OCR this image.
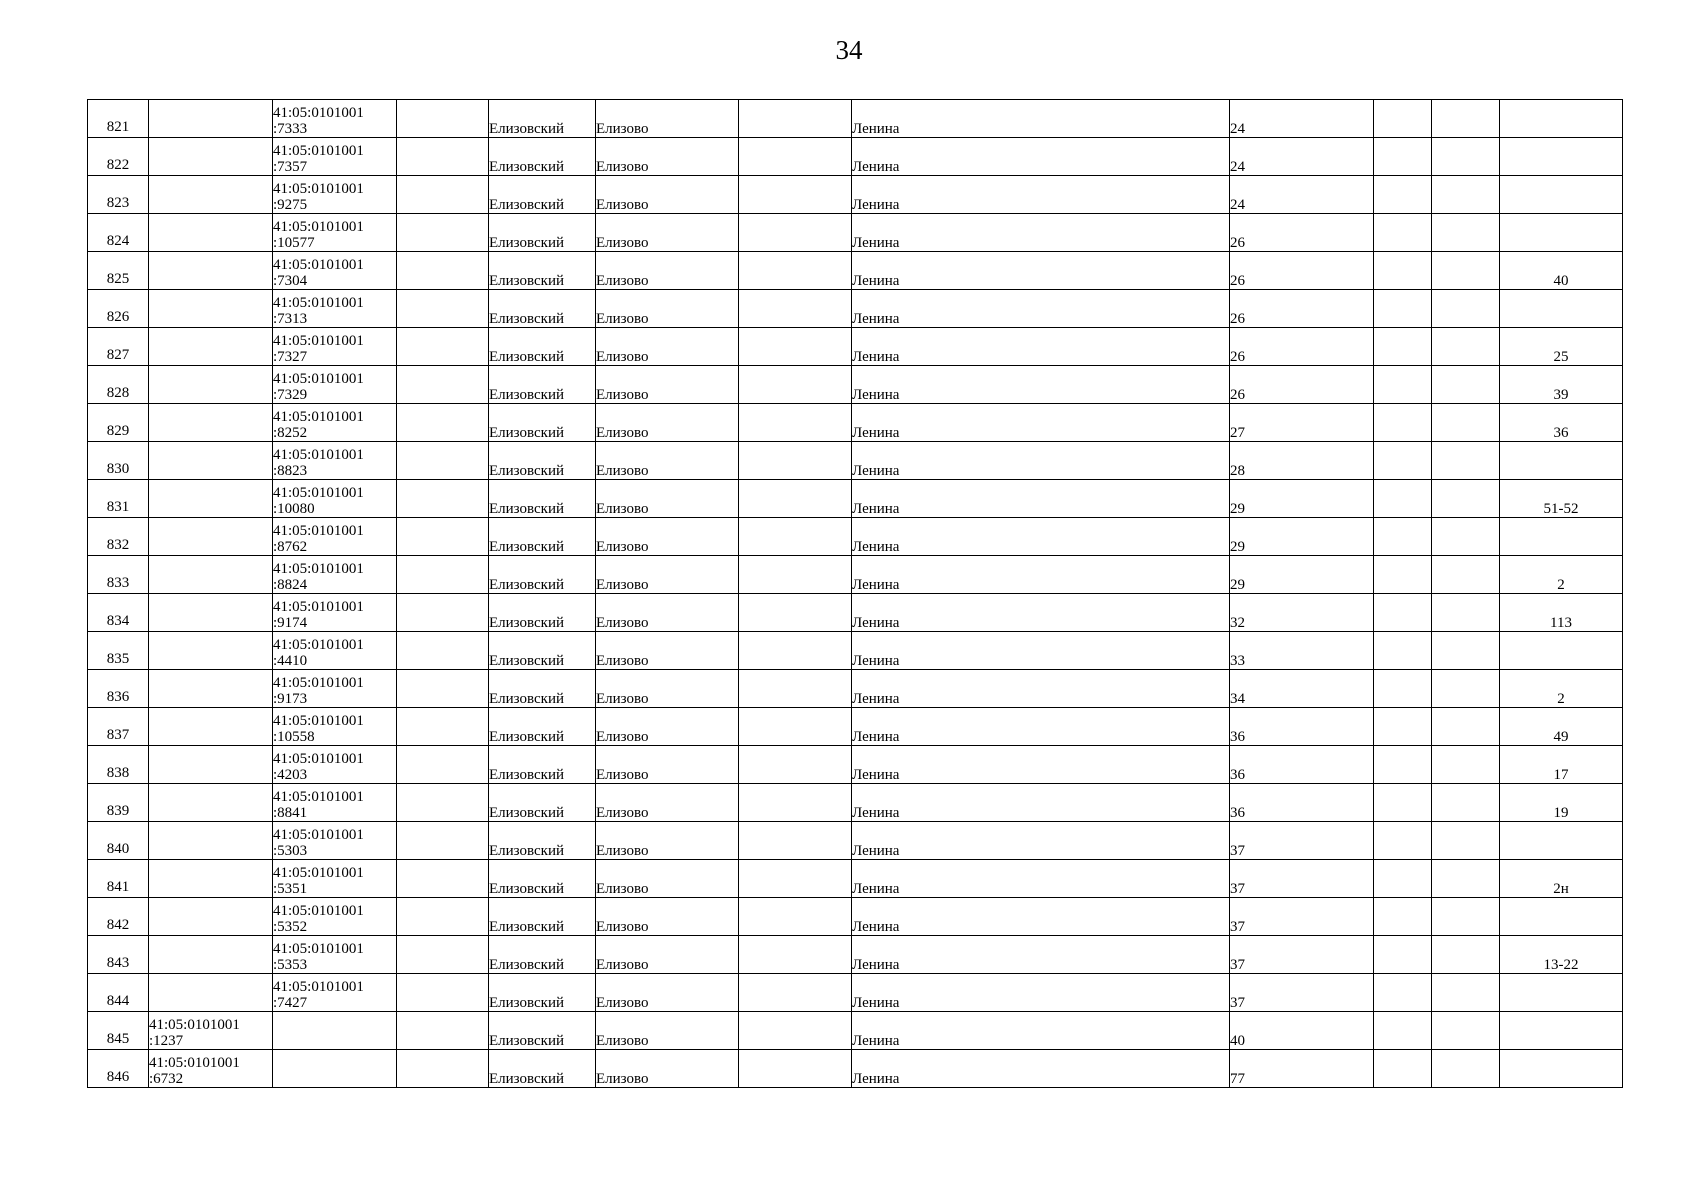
34
821		41:05:0101001
:7333		Елизовский	Елизово		Ленина	24			
822		41:05:0101001
:7357		Елизовский	Елизово		Ленина	24			
823		41:05:0101001
:9275		Елизовский	Елизово		Ленина	24			
824		41:05:0101001
:10577		Елизовский	Елизово		Ленина	26			
825		41:05:0101001
:7304		Елизовский	Елизово		Ленина	26			40
826		41:05:0101001
:7313		Елизовский	Елизово		Ленина	26			
827		41:05:0101001
:7327		Елизовский	Елизово		Ленина	26			25
828		41:05:0101001
:7329		Елизовский	Елизово		Ленина	26			39
829		41:05:0101001
:8252		Елизовский	Елизово		Ленина	27			36
830		41:05:0101001
:8823		Елизовский	Елизово		Ленина	28			
831		41:05:0101001
:10080		Елизовский	Елизово		Ленина	29			51-52
832		41:05:0101001
:8762		Елизовский	Елизово		Ленина	29			
833		41:05:0101001
:8824		Елизовский	Елизово		Ленина	29			2
834		41:05:0101001
:9174		Елизовский	Елизово		Ленина	32			113
835		41:05:0101001
:4410		Елизовский	Елизово		Ленина	33			
836		41:05:0101001
:9173		Елизовский	Елизово		Ленина	34			2
837		41:05:0101001
:10558		Елизовский	Елизово		Ленина	36			49
838		41:05:0101001
:4203		Елизовский	Елизово		Ленина	36			17
839		41:05:0101001
:8841		Елизовский	Елизово		Ленина	36			19
840		41:05:0101001
:5303		Елизовский	Елизово		Ленина	37			
841		41:05:0101001
:5351		Елизовский	Елизово		Ленина	37			2н
842		41:05:0101001
:5352		Елизовский	Елизово		Ленина	37			
843		41:05:0101001
:5353		Елизовский	Елизово		Ленина	37			13-22
844		41:05:0101001
:7427		Елизовский	Елизово		Ленина	37			
845	41:05:0101001
:1237			Елизовский	Елизово		Ленина	40			
846	41:05:0101001
:6732			Елизовский	Елизово		Ленина	77			
